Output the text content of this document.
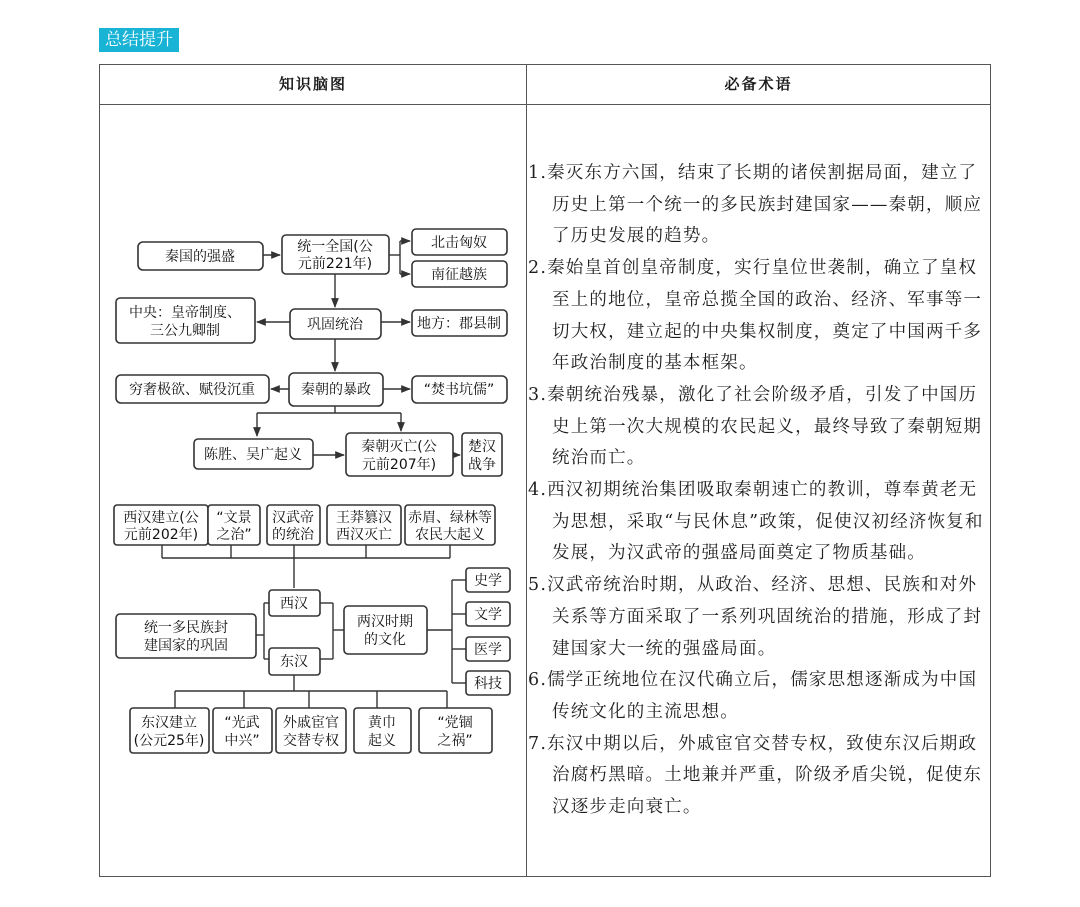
总结提升
知识脑图	必备术语
秦国的强盛
统一全国(公
元前221年)
北击匈奴
南征越族
中央：皇帝制度、
三公九卿制	巩固统治	地方：郡县制
穷奢极欲、赋役沉重	秦朝的暴政	“焚书坑儒”
陈胜、吴广起义	秦朝灭亡(公
元前207年)
楚汉
战争
西汉建立(公
元前202年)
“文景
之治”
汉武帝
的统治
王莽篡汉
西汉灭亡
赤眉、绿林等
农民大起义
西汉
东汉
统一多民族封
建国家的巩固
两汉时期
的文化
史学
文学
医学
科技
东汉建立
(公元25年)
“光武
中兴”
外戚宦官
交替专权
黄巾
起义
“党锢
之祸”
1.秦灭东方六国，结束了长期的诸侯割据局面，建立了历史上第一个统一的多民族封建国家——秦朝，顺应了历史发展的趋势。
2.秦始皇首创皇帝制度，实行皇位世袭制，确立了皇权至上的地位，皇帝总揽全国的政治、经济、军事等一切大权，建立起的中央集权制度，奠定了中国两千多年政治制度的基本框架。
3.秦朝统治残暴，激化了社会阶级矛盾，引发了中国历史上第一次大规模的农民起义，最终导致了秦朝短期统治而亡。
4.西汉初期统治集团吸取秦朝速亡的教训，尊奉黄老无为思想，采取“与民休息”政策，促使汉初经济恢复和发展，为汉武帝的强盛局面奠定了物质基础。
5.汉武帝统治时期，从政治、经济、思想、民族和对外关系等方面采取了一系列巩固统治的措施，形成了封建国家大一统的强盛局面。
6.儒学正统地位在汉代确立后，儒家思想逐渐成为中国传统文化的主流思想。
7.东汉中期以后，外戚宦官交替专权，致使东汉后期政治腐朽黑暗。土地兼并严重，阶级矛盾尖锐，促使东汉逐步走向衰亡。
